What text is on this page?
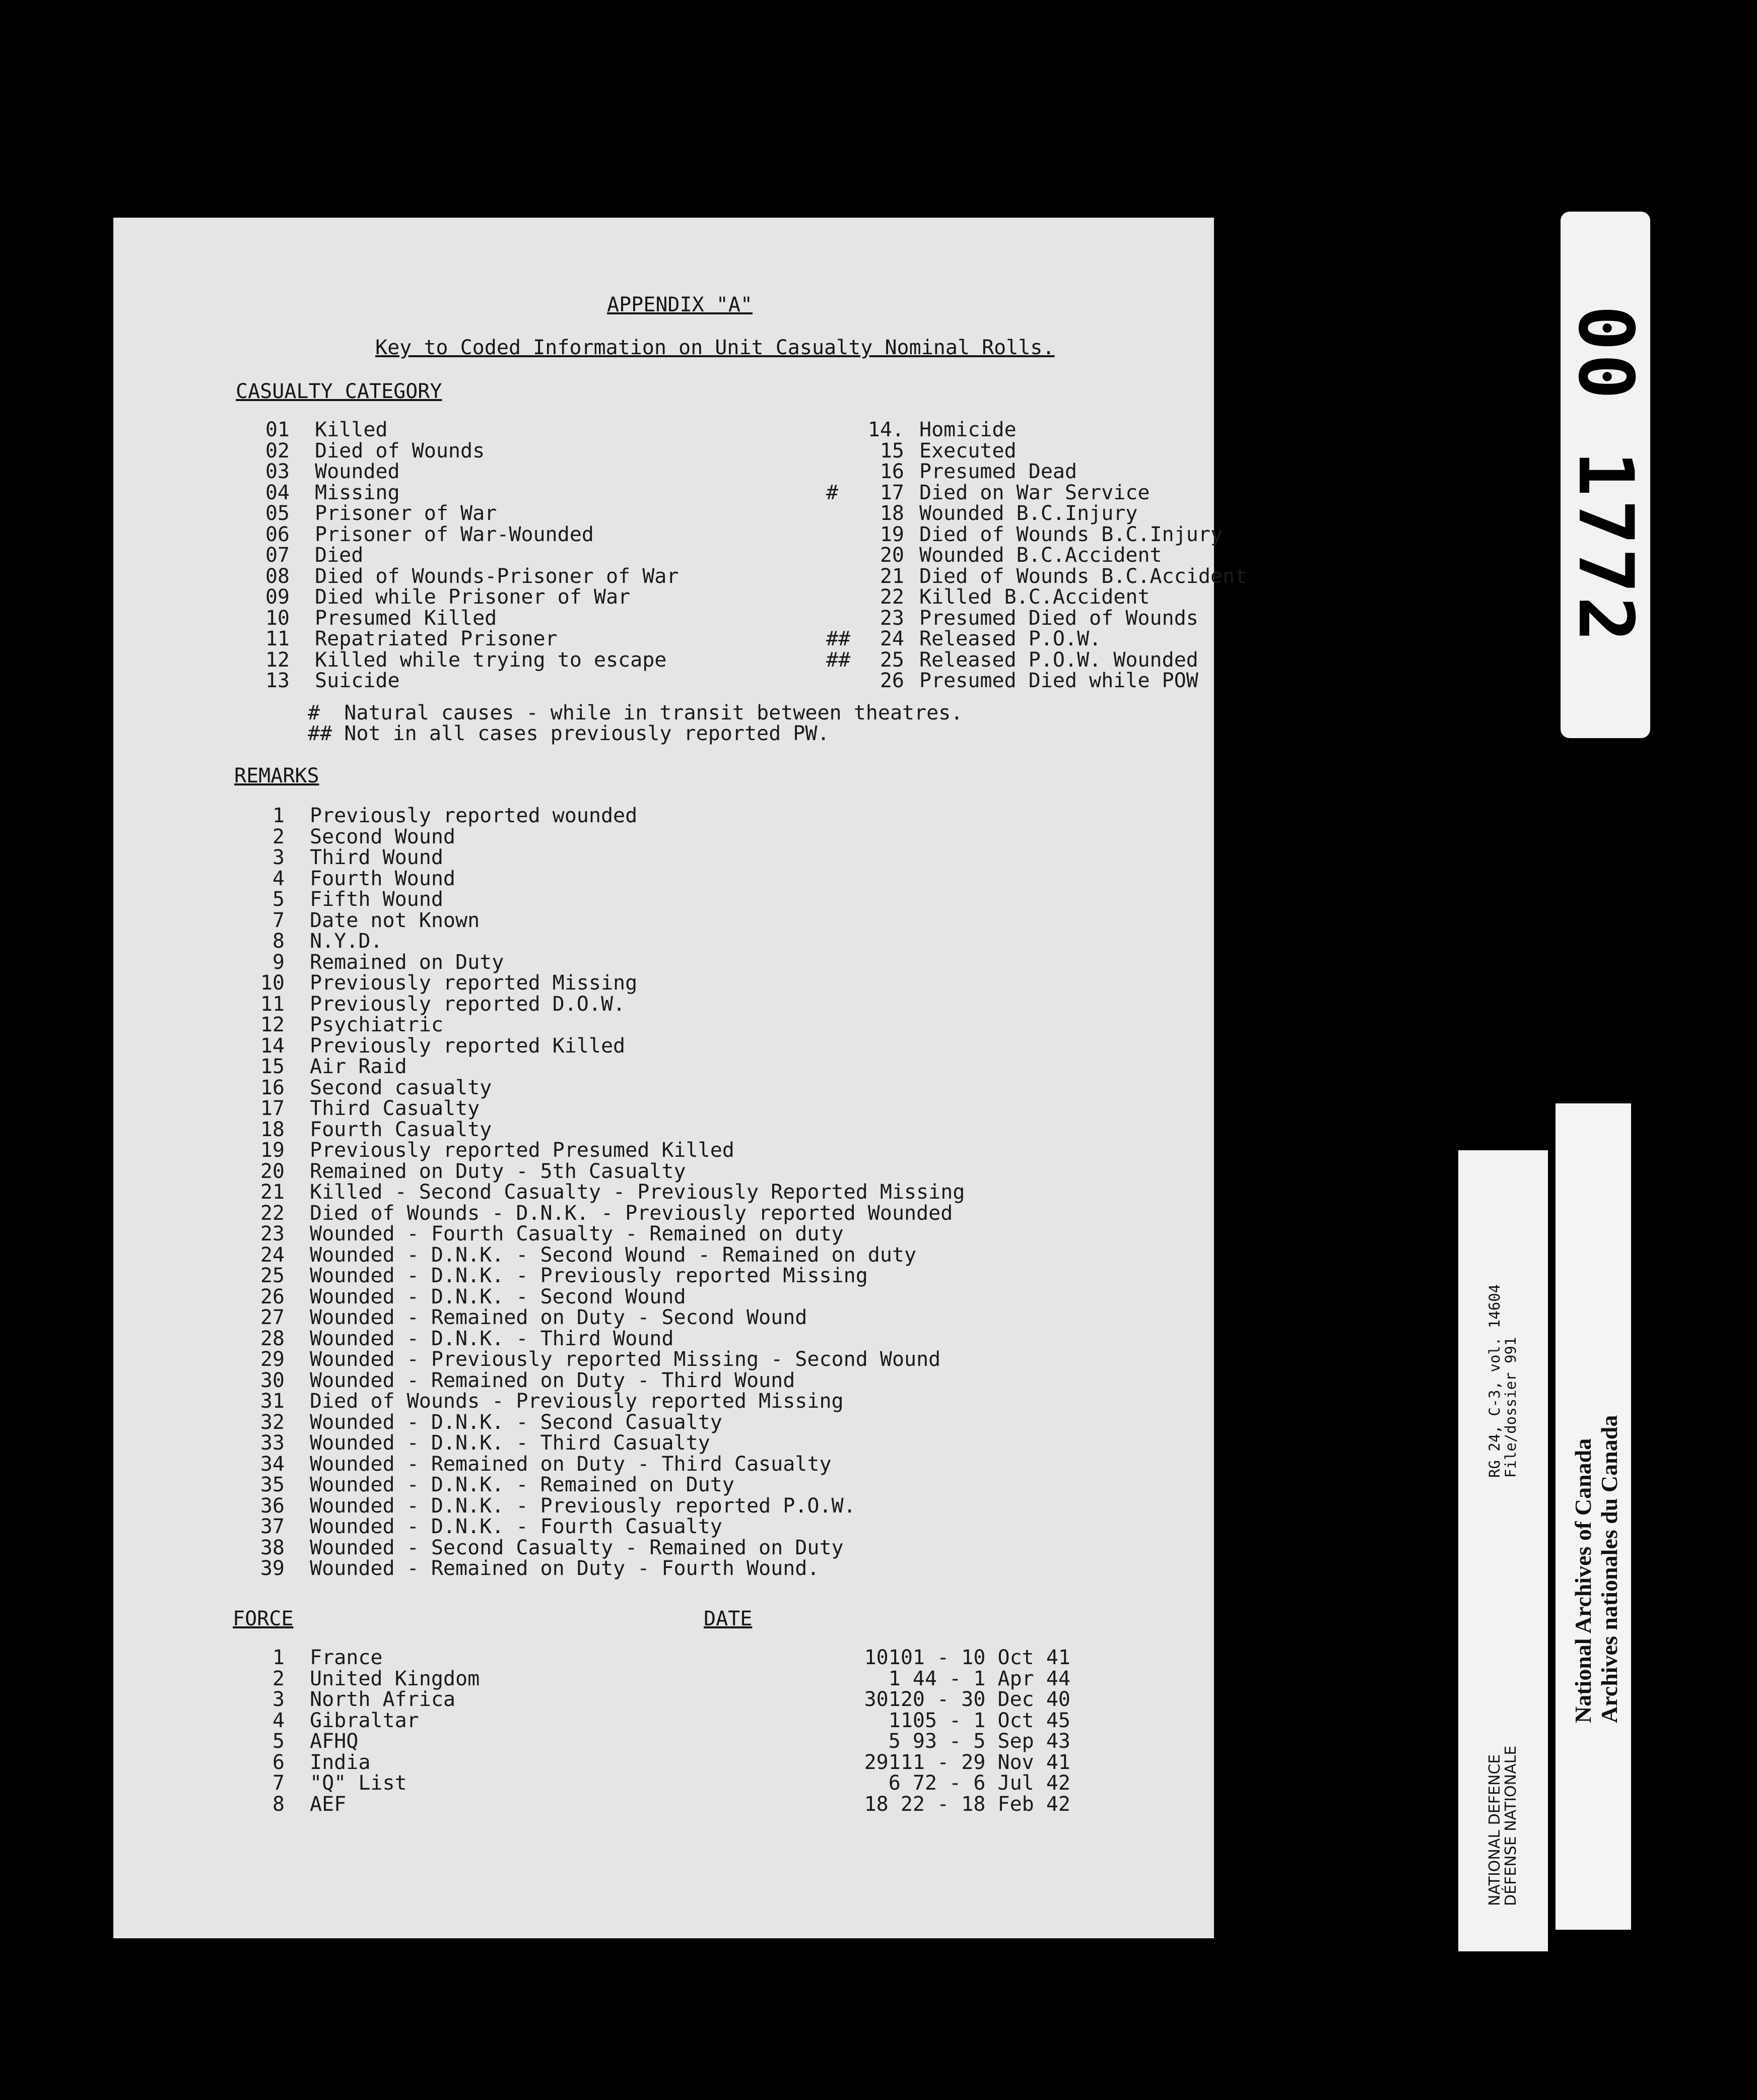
APPENDIX "A"
Key to Coded Information on Unit Casualty Nominal Rolls.
CASUALTY CATEGORY
01 Killed
02 Died of Wounds
03 Wounded
04 Missing
05 Prisoner of War
06 Prisoner of War-Wounded
07 Died
08 Died of Wounds-Prisoner of War
09 Died while Prisoner of War
10 Presumed Killed
11 Repatriated Prisoner
12 Killed while trying to escape
13 Suicide
14. Homicide
15 Executed
16 Presumed Dead
# 17 Died on War Service
18 Wounded B.C.Injury
19 Died of Wounds B.C.Injury
20 Wounded B.C.Accident
21 Died of Wounds B.C.Accident
22 Killed B.C.Accident
23 Presumed Died of Wounds
## 24 Released P.O.W.
## 25 Released P.O.W. Wounded
26 Presumed Died while POW
#  Natural causes - while in transit between theatres.
## Not in all cases previously reported PW.
REMARKS
1 Previously reported wounded
2 Second Wound
3 Third Wound
4 Fourth Wound
5 Fifth Wound
7 Date not Known
8 N.Y.D.
9 Remained on Duty
10 Previously reported Missing
11 Previously reported D.O.W.
12 Psychiatric
14 Previously reported Killed
15 Air Raid
16 Second casualty
17 Third Casualty
18 Fourth Casualty
19 Previously reported Presumed Killed
20 Remained on Duty - 5th Casualty
21 Killed - Second Casualty - Previously Reported Missing
22 Died of Wounds - D.N.K. - Previously reported Wounded
23 Wounded - Fourth Casualty - Remained on duty
24 Wounded - D.N.K. - Second Wound - Remained on duty
25 Wounded - D.N.K. - Previously reported Missing
26 Wounded - D.N.K. - Second Wound
27 Wounded - Remained on Duty - Second Wound
28 Wounded - D.N.K. - Third Wound
29 Wounded - Previously reported Missing - Second Wound
30 Wounded - Remained on Duty - Third Wound
31 Died of Wounds - Previously reported Missing
32 Wounded - D.N.K. - Second Casualty
33 Wounded - D.N.K. - Third Casualty
34 Wounded - Remained on Duty - Third Casualty
35 Wounded - D.N.K. - Remained on Duty
36 Wounded - D.N.K. - Previously reported P.O.W.
37 Wounded - D.N.K. - Fourth Casualty
38 Wounded - Second Casualty - Remained on Duty
39 Wounded - Remained on Duty - Fourth Wound.
FORCE	DATE
1 France
2 United Kingdom
3 North Africa
4 Gibraltar
5 AFHQ
6 India
7 "Q" List
8 AEF
10101 - 10 Oct 41
1 44 - 1 Apr 44
30120 - 30 Dec 40
1105 - 1 Oct 45
5 93 - 5 Sep 43
29111 - 29 Nov 41
6 72 - 6 Jul 42
18 22 - 18 Feb 42
00 1772
NATIONAL DEFENCE
DÉFENSE NATIONALE
RG 24, C-3, vol. 14604
File/dossier 991
National Archives of Canada Archives nationales du Canada
